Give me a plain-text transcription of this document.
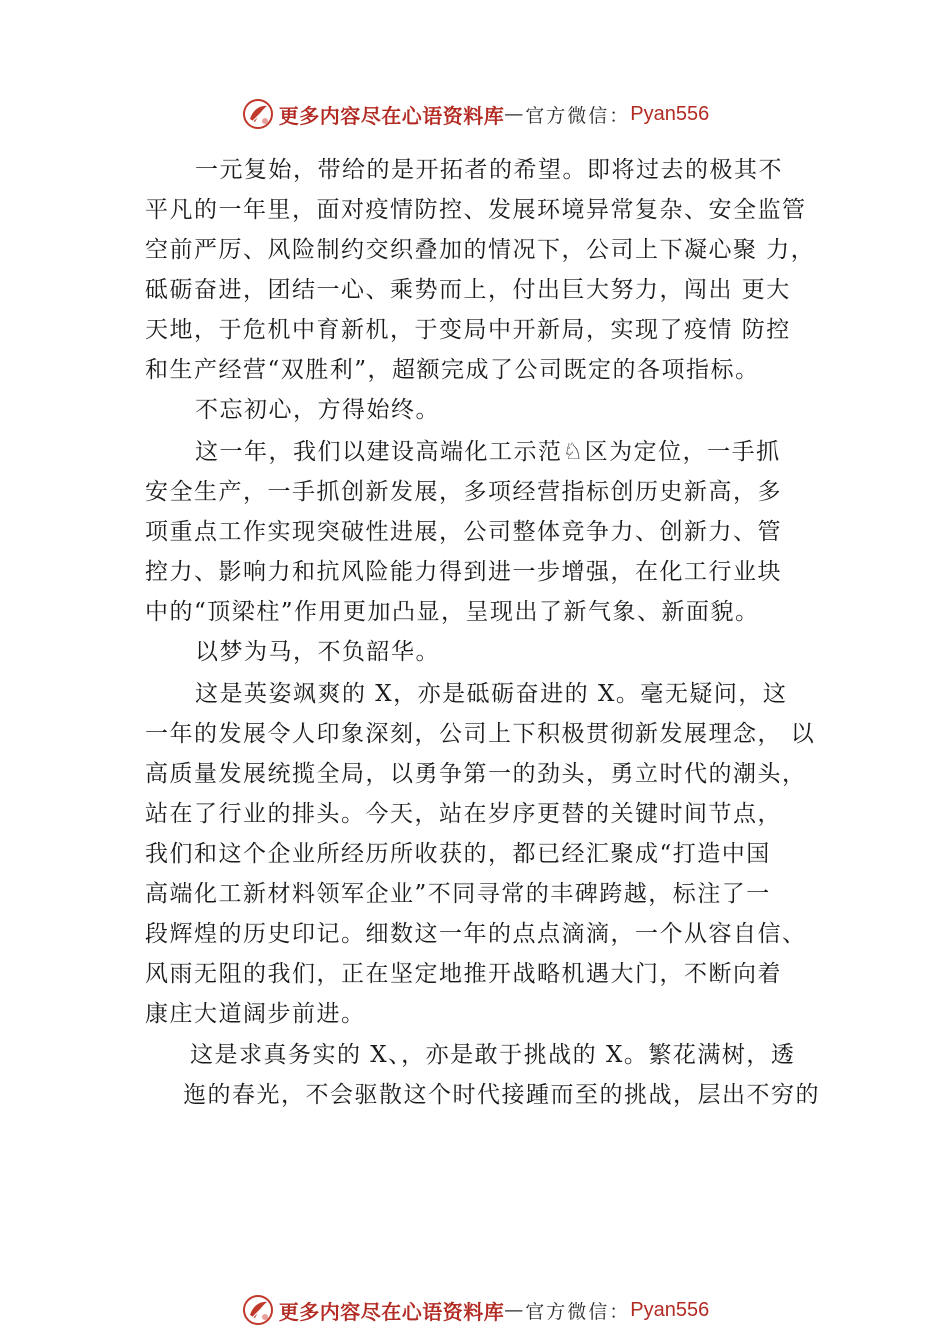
更多内容尽在心语资料库 — 官方微信： Pyan556
一元复始，带给的是开拓者的希望。即将过去的极其不
平凡的一年里，面对疫情防控、发展环境异常复杂、安全监管
空前严厉、风险制约交织叠加的情况下，公司上下凝心聚 力，
砥砺奋进，团结一心、乘势而上，付出巨大努力，闯出 更大
天地，于危机中育新机，于变局中开新局，实现了疫情 防控
和生产经营“双胜利”，超额完成了公司既定的各项指标。
不忘初心，方得始终。
这一年，我们以建设高端化工示范♘区为定位，一手抓
安全生产，一手抓创新发展，多项经营指标创历史新高，多
项重点工作实现突破性进展，公司整体竞争力、创新力、管
控力、影响力和抗风险能力得到进一步增强，在化工行业块
中的“顶梁柱”作用更加凸显，呈现出了新气象、新面貌。
以梦为马，不负韶华。
这是英姿飒爽的 X，亦是砥砺奋进的 X。毫无疑问，这
一年的发展令人印象深刻，公司上下积极贯彻新发展理念， 以
高质量发展统揽全局，以勇争第一的劲头，勇立时代的潮头，
站在了行业的排头。今天，站在岁序更替的关键时间节点，
我们和这个企业所经历所收获的，都已经汇聚成“打造中国
高端化工新材料领军企业”不同寻常的丰碑跨越，标注了一
段辉煌的历史印记。细数这一年的点点滴滴，一个从容自信、
风雨无阻的我们，正在坚定地推开战略机遇大门，不断向着
康庄大道阔步前进。
这是求真务实的 X、，亦是敢于挑战的 X。繁花满树，透
迤的春光，不会驱散这个时代接踵而至的挑战，层出不穷的
更多内容尽在心语资料库 — 官方微信： Pyan556
